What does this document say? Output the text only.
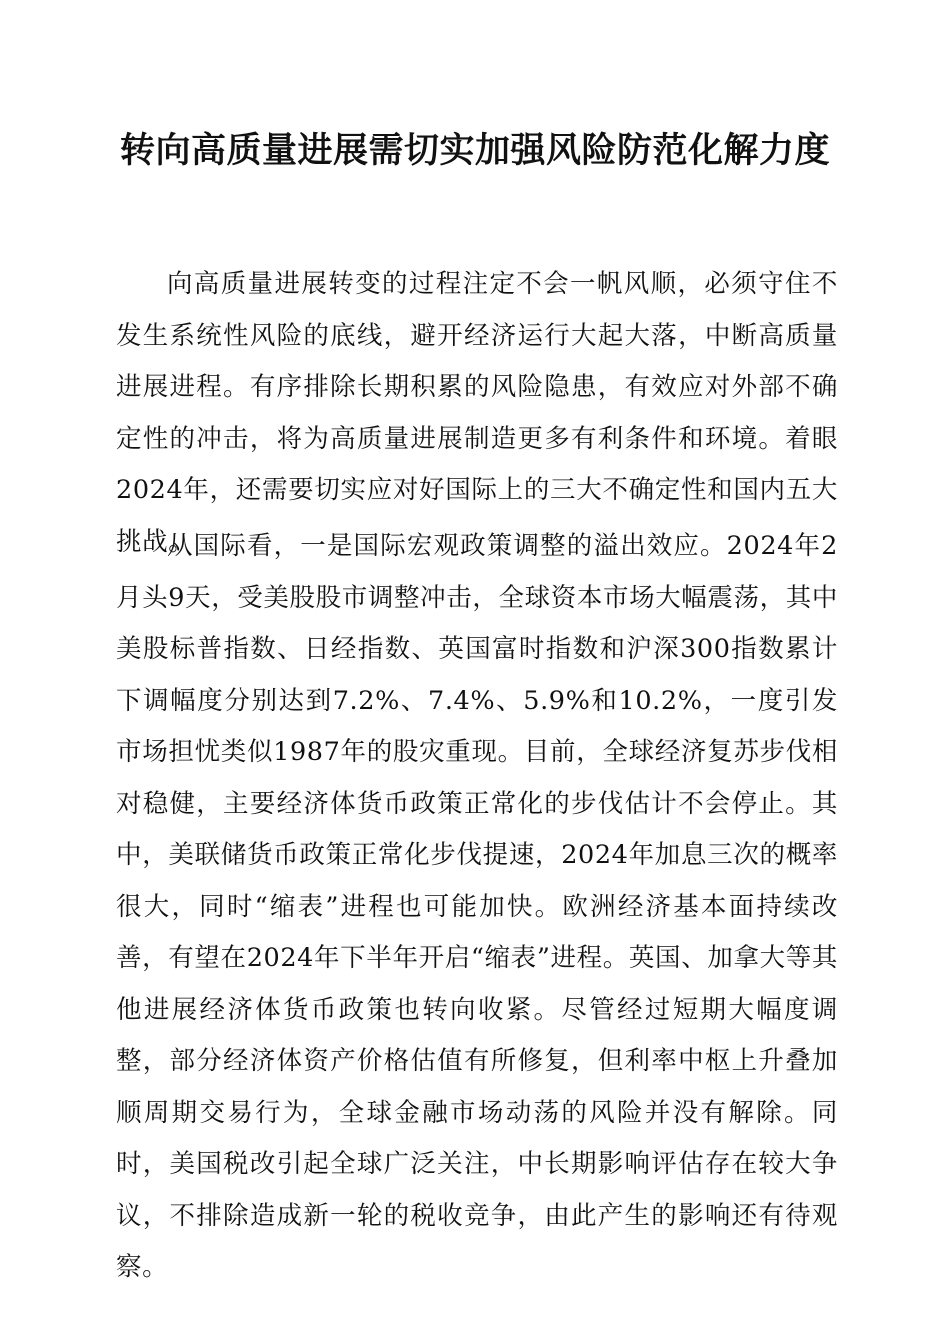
转向高质量进展需切实加强风险防范化解力度

向高质量进展转变的过程注定不会一帆风顺，必须守住不发生系统性风险的底线，避开经济运行大起大落，中断高质量进展进程。有序排除长期积累的风险隐患，有效应对外部不确定性的冲击，将为高质量进展制造更多有利条件和环境。着眼2024年，还需要切实应对好国际上的三大不确定性和国内五大挑战。

从国际看，一是国际宏观政策调整的溢出效应。2024年2月头9天，受美股股市调整冲击，全球资本市场大幅震荡，其中美股标普指数、日经指数、英国富时指数和沪深300指数累计下调幅度分别达到7.2%、7.4%、5.9%和10.2%，一度引发市场担忧类似1987年的股灾重现。目前，全球经济复苏步伐相对稳健，主要经济体货币政策正常化的步伐估计不会停止。其中，美联储货币政策正常化步伐提速，2024年加息三次的概率很大，同时“缩表”进程也可能加快。欧洲经济基本面持续改善，有望在2024年下半年开启“缩表”进程。英国、加拿大等其他进展经济体货币政策也转向收紧。尽管经过短期大幅度调整，部分经济体资产价格估值有所修复，但利率中枢上升叠加顺周期交易行为，全球金融市场动荡的风险并没有解除。同时，美国税改引起全球广泛关注，中长期影响评估存在较大争议，不排除造成新一轮的税收竞争，由此产生的影响还有待观察。
